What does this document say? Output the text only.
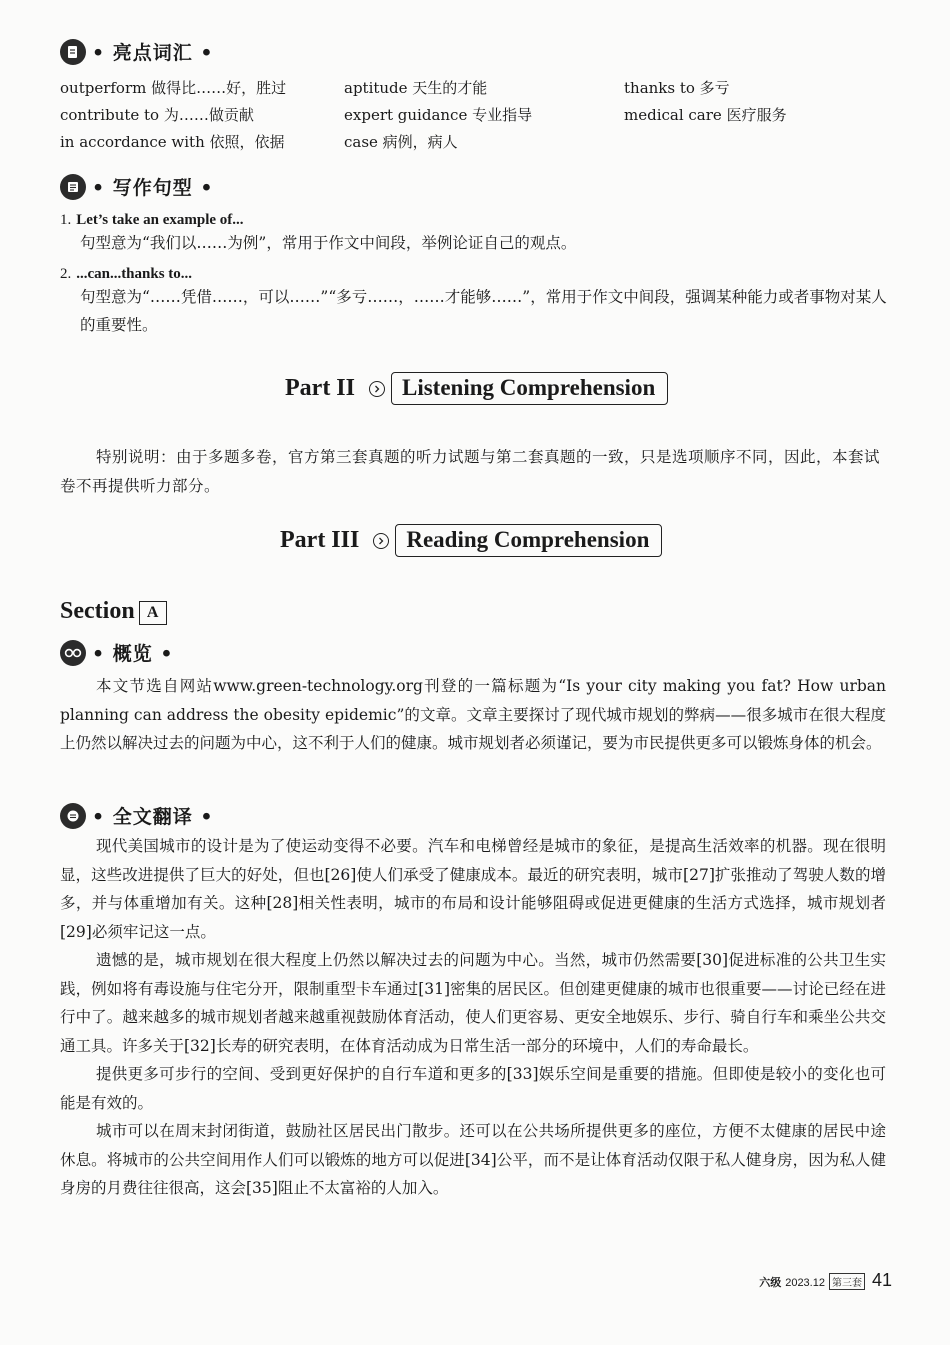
• 亮点词汇 •
outperform 做得比……好，胜过	aptitude 天生的才能	thanks to 多亏
contribute to 为……做贡献	expert guidance 专业指导	medical care 医疗服务
in accordance with 依照，依据	case 病例，病人
• 写作句型 •
1. Let’s take an example of...
句型意为“我们以……为例”，常用于作文中间段，举例论证自己的观点。
2. ...can...thanks to...
句型意为“……凭借……，可以……”“多亏……，……才能够……”，常用于作文中间段，强调某种能力或者事物对某人的重要性。
Part II	Listening Comprehension
特别说明：由于多题多卷，官方第三套真题的听力试题与第二套真题的一致，只是选项顺序不同，因此，本套试卷不再提供听力部分。
Part III	Reading Comprehension
Section A
• 概览 •

本文节选自网站www.green-technology.org刊登的一篇标题为“Is your city making you fat? How urban planning can address the obesity epidemic”的文章。文章主要探讨了现代城市规划的弊病——很多城市在很大程度上仍然以解决过去的问题为中心，这不利于人们的健康。城市规划者必须谨记，要为市民提供更多可以锻炼身体的机会。

• 全文翻译 •

现代美国城市的设计是为了使运动变得不必要。汽车和电梯曾经是城市的象征，是提高生活效率的机器。现在很明显，这些改进提供了巨大的好处，但也[26]使人们承受了健康成本。最近的研究表明，城市[27]扩张推动了驾驶人数的增多，并与体重增加有关。这种[28]相关性表明，城市的布局和设计能够阻碍或促进更健康的生活方式选择，城市规划者[29]必须牢记这一点。

遗憾的是，城市规划在很大程度上仍然以解决过去的问题为中心。当然，城市仍然需要[30]促进标准的公共卫生实践，例如将有毒设施与住宅分开，限制重型卡车通过[31]密集的居民区。但创建更健康的城市也很重要——讨论已经在进行中了。越来越多的城市规划者越来越重视鼓励体育活动，使人们更容易、更安全地娱乐、步行、骑自行车和乘坐公共交通工具。许多关于[32]长寿的研究表明，在体育活动成为日常生活一部分的环境中，人们的寿命最长。

提供更多可步行的空间、受到更好保护的自行车道和更多的[33]娱乐空间是重要的措施。但即使是较小的变化也可能是有效的。

城市可以在周末封闭街道，鼓励社区居民出门散步。还可以在公共场所提供更多的座位，方便不太健康的居民中途休息。将城市的公共空间用作人们可以锻炼的地方可以促进[34]公平，而不是让体育活动仅限于私人健身房，因为私人健身房的月费往往很高，这会[35]阻止不太富裕的人加入。

六级 2023.12 第三套 41
